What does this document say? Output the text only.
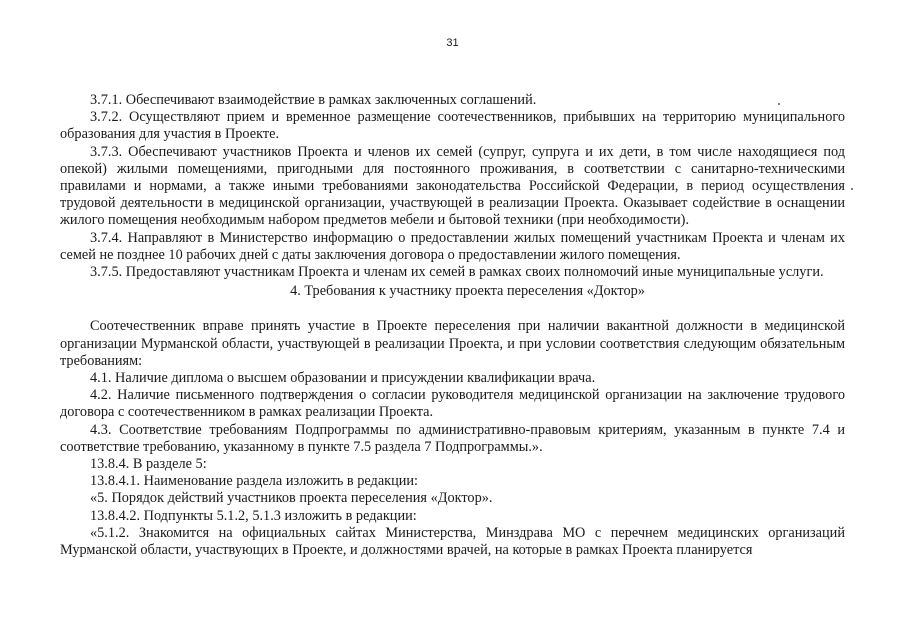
31

3.7.1. Обеспечивают взаимодействие в рамках заключенных соглашений.

3.7.2. Осуществляют прием и временное размещение соотечественников, прибывших на территорию муниципального образования для участия в Проекте.

3.7.3. Обеспечивают участников Проекта и членов их семей (супруг, супруга и их дети, в том числе находящиеся под опекой) жилыми помещениями, пригодными для постоянного проживания, в соответствии с санитарно-техническими правилами и нормами, а также иными требованиями законодательства Российской Федерации, в период осуществления трудовой деятельности в медицинской организации, участвующей в реализации Проекта. Оказывает содействие в оснащении жилого помещения необходимым набором предметов мебели и бытовой техники (при необходимости).

3.7.4. Направляют в Министерство информацию о предоставлении жилых помещений участникам Проекта и членам их семей не позднее 10 рабочих дней с даты заключения договора о предоставлении жилого помещения.

3.7.5. Предоставляют участникам Проекта и членам их семей в рамках своих полномочий иные муниципальные услуги.

4. Требования к участнику проекта переселения «Доктор»

Соотечественник вправе принять участие в Проекте переселения при наличии вакантной должности в медицинской организации Мурманской области, участвующей в реализации Проекта, и при условии соответствия следующим обязательным требованиям:

4.1. Наличие диплома о высшем образовании и присуждении квалификации врача.

4.2. Наличие письменного подтверждения о согласии руководителя медицинской организации на заключение трудового договора с соотечественником в рамках реализации Проекта.

4.3. Соответствие требованиям Подпрограммы по административно-правовым критериям, указанным в пункте 7.4 и соответствие требованию, указанному в пункте 7.5 раздела 7 Подпрограммы.».

13.8.4. В разделе 5:

13.8.4.1. Наименование раздела изложить в редакции:

«5. Порядок действий участников проекта переселения «Доктор».

13.8.4.2. Подпункты 5.1.2, 5.1.3 изложить в редакции:

«5.1.2. Знакомится на официальных сайтах Министерства, Минздрава МО с перечнем медицинских организаций Мурманской области, участвующих в Проекте, и должностями врачей, на которые в рамках Проекта планируется
